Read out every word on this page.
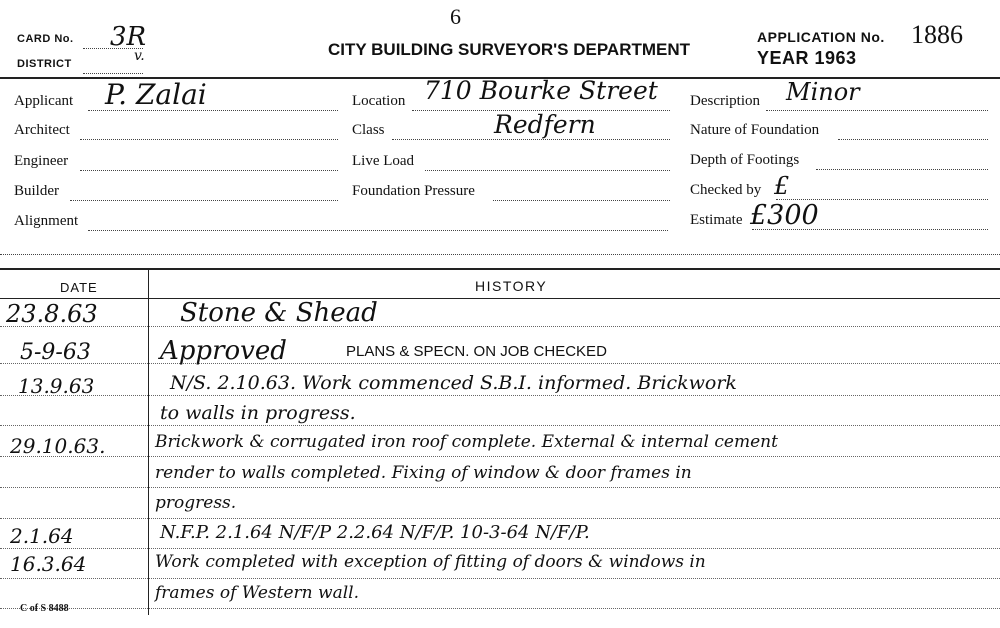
6
CARD No. 3R
DISTRICT	v.	CITY BUILDING SURVEYOR'S DEPARTMENT
APPLICATION No. 1886
YEAR 1963
Applicant P. Zalai
Architect
Engineer
Builder
Alignment
Location 710 Bourke Street
Class	Redfern
Live Load
Foundation Pressure
Description Minor
Nature of Foundation
Depth of Footings
Checked by £
Estimate £300
DATE	HISTORY
23.8.63	Stone & Shead
5-9-63	Approved	PLANS & SPECN. ON JOB CHECKED
13.9.63	N/S. 2.10.63. Work commenced S.B.I. informed. Brickwork
to walls in progress.
29.10.63.	Brickwork & corrugated iron roof complete. External & internal cement
render to walls completed. Fixing of window & door frames in
progress.
2.1.64	N.F.P. 2.1.64 N/F/P 2.2.64 N/F/P. 10-3-64 N/F/P.
16.3.64	Work completed with exception of fitting of doors & windows in
frames of Western wall.
C of S 8488
